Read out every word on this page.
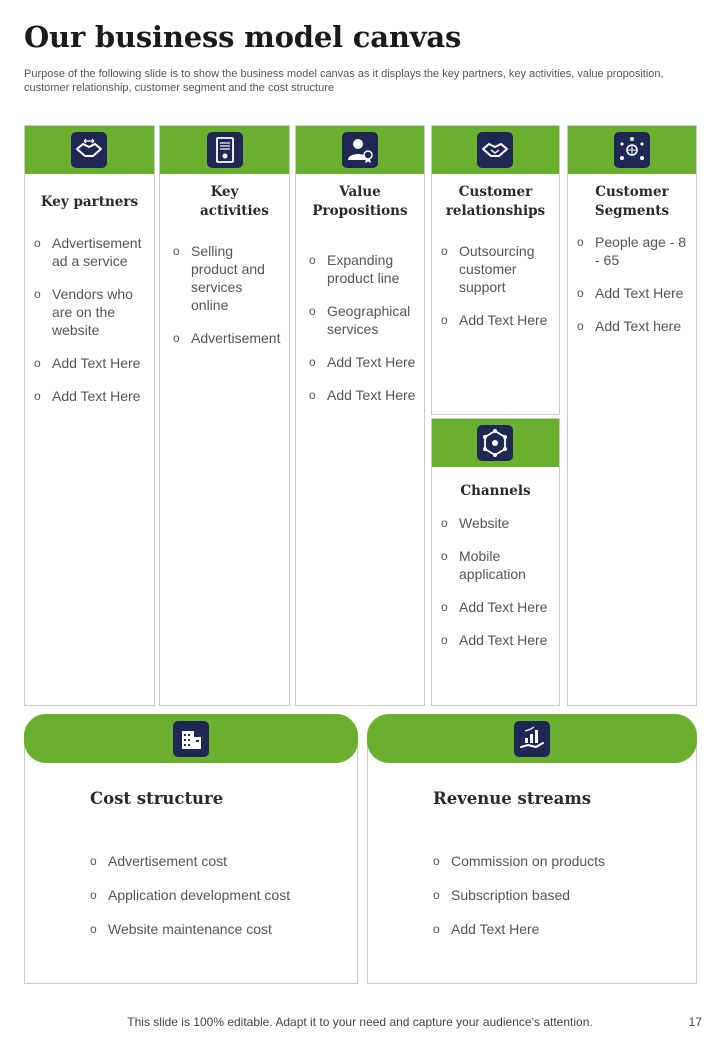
Our business model canvas
Purpose of the following slide is to show the business model canvas as it displays the key partners, key activities, value proposition, customer relationship, customer segment and the cost structure
Key partners
o Advertisement ad a service
o Vendors who are on the website
o Add Text Here
o Add Text Here
Key activities
o Selling product and services online
o Advertisement
Value Propositions
o Expanding product line
o Geographical services
o Add Text Here
o Add Text Here
Customer relationships
o Outsourcing customer support
o Add Text Here
Channels
o Website
o Mobile application
o Add Text Here
o Add Text Here
Customer Segments
o People age - 8 - 65
o Add Text Here
o Add Text here
Cost structure
o Advertisement cost
o Application development cost
o Website maintenance cost
Revenue streams
o Commission on products
o Subscription based
o Add Text Here
This slide is 100% editable. Adapt it to your need and capture your audience’s attention.	17
